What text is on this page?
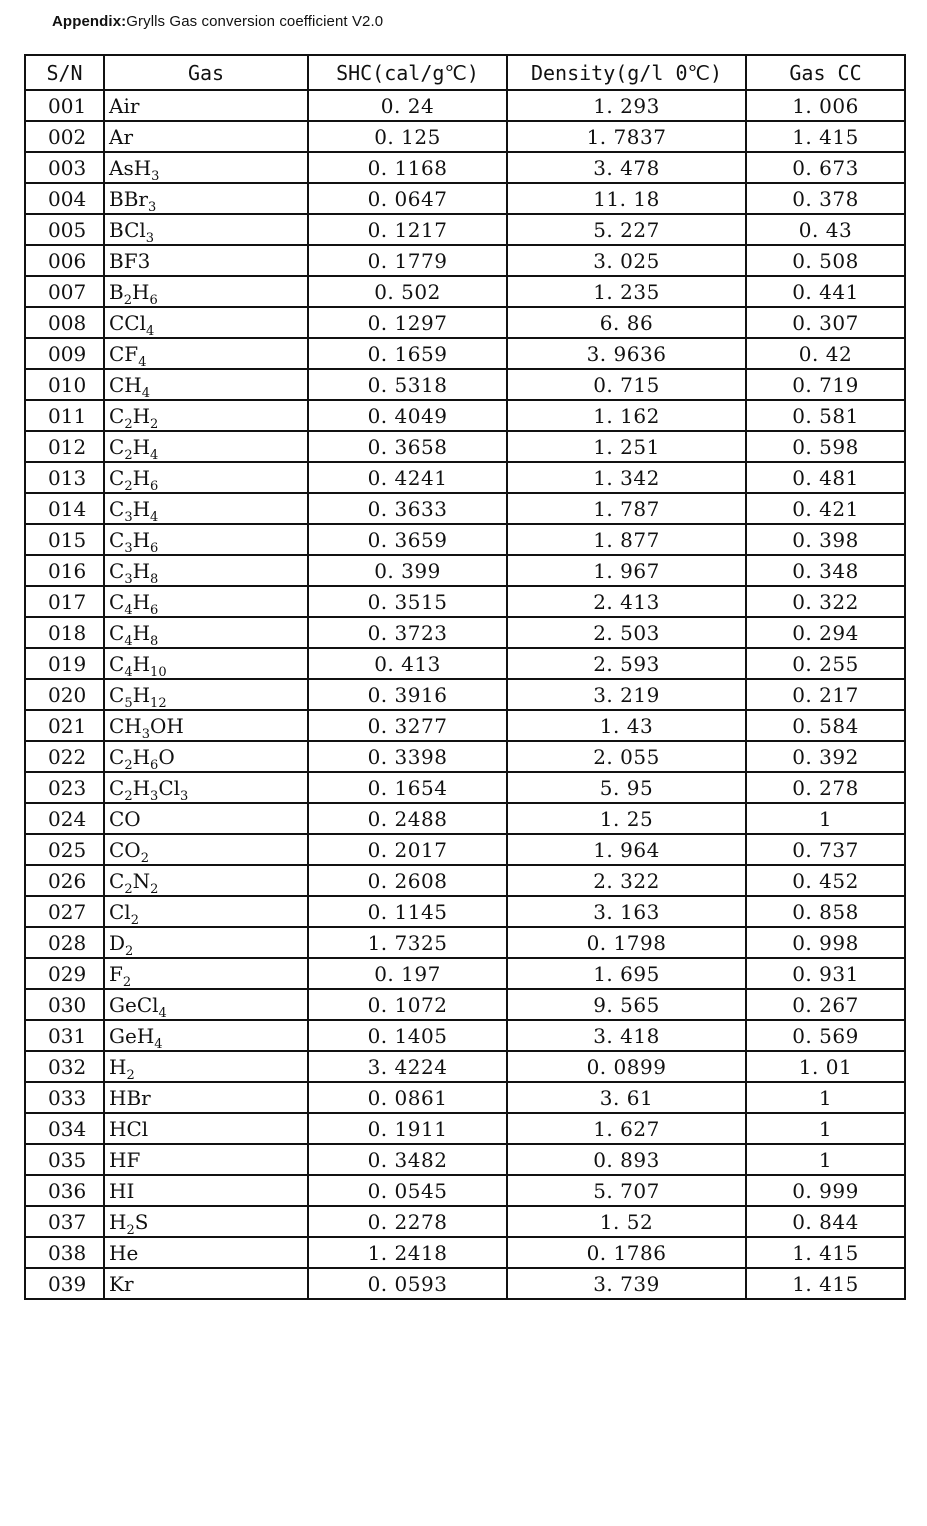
Appendix:Grylls Gas conversion coefficient V2.0
S/N	Gas	SHC(cal/g℃)	Density(g/l 0℃)	Gas CC
001	Air	0. 24	1. 293	1. 006
002	Ar	0. 125	1. 7837	1. 415
003	AsH$_3$	0. 1168	3. 478	0. 673
004	BBr$_3$	0. 0647	11. 18	0. 378
005	BCl$_3$	0. 1217	5. 227	0. 43
006	BF3	0. 1779	3. 025	0. 508
007	$B_2H_6$	0. 502	1. 235	0. 441
008	CCl$_4$	0. 1297	6. 86	0. 307
009	$CF_4$	0. 1659	3. 9636	0. 42
010	$CH_4$	0. 5318	0. 715	0. 719
011	$C_2H_2$	0. 4049	1. 162	0. 581
012	$C_2H_4$	0. 3658	1. 251	0. 598
013	$C_2H_6$	0. 4241	1. 342	0. 481
014	$C_3H_4$	0. 3633	1. 787	0. 421
015	$C_3H_6$	0. 3659	1. 877	0. 398
016	$C_3H_8$	0. 399	1. 967	0. 348
017	$C_4H_6$	0. 3515	2. 413	0. 322
018	$C_4H_8$	0. 3723	2. 503	0. 294
019	$C_4H_{10}$	0. 413	2. 593	0. 255
020	$C_5H_{12}$	0. 3916	3. 219	0. 217
021	$CH_3OH$	0. 3277	1. 43	0. 584
022	$C_2H_6O$	0. 3398	2. 055	0. 392
023	$C_2H_3Cl_3$	0. 1654	5. 95	0. 278
024	CO	0. 2488	1. 25	1
025	$CO_2$	0. 2017	1. 964	0. 737
026	$C_2N_2$	0. 2608	2. 322	0. 452
027	$Cl_2$	0. 1145	3. 163	0. 858
028	$D_2$	1. 7325	0. 1798	0. 998
029	$F_2$	0. 197	1. 695	0. 931
030	GeCl$_4$	0. 1072	9. 565	0. 267
031	GeH$_4$	0. 1405	3. 418	0. 569
032	$H_2$	3. 4224	0. 0899	1. 01
033	HBr	0. 0861	3. 61	1
034	HCl	0. 1911	1. 627	1
035	HF	0. 3482	0. 893	1
036	HI	0. 0545	5. 707	0. 999
037	$H_2S$	0. 2278	1. 52	0. 844
038	He	1. 2418	0. 1786	1. 415
039	Kr	0. 0593	3. 739	1. 415
